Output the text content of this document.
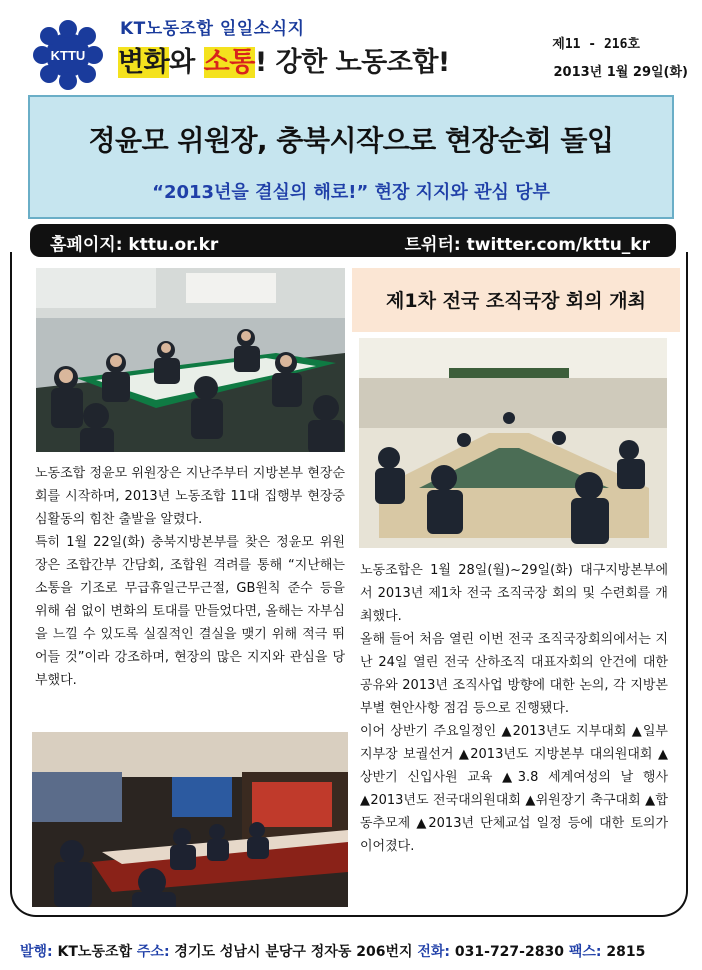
KTTU
KT노동조합 일일소식지
변화와 소통! 강한 노동조합!
제11 - 216호
2013년 1월 29일(화)
정윤모 위원장, 충북시작으로 현장순회 돌입
“2013년을 결실의 해로!” 현장 지지와 관심 당부
홈페이지: kttu.or.kr	트위터: twitter.com/kttu_kr

노동조합 정윤모 위원장은 지난주부터 지방본부 현장순회를 시작하며, 2013년 노동조합 11대 집행부 현장중심활동의 힘찬 출발을 알렸다.

특히 1월 22일(화) 충북지방본부를 찾은 정윤모 위원장은 조합간부 간담회, 조합원 격려를 통해 “지난해는 소통을 기조로 무급휴일근무근절, GB원칙 준수 등을 위해 쉼 없이 변화의 토대를 만들었다면, 올해는 자부심을 느낄 수 있도록 실질적인 결실을 맺기 위해 적극 뛰어들 것”이라 강조하며, 현장의 많은 지지와 관심을 당부했다.

제1차 전국 조직국장 회의 개최

노동조합은 1월 28일(월)~29일(화) 대구지방본부에서 2013년 제1차 전국 조직국장 회의 및 수련회를 개최했다.

올해 들어 처음 열린 이번 전국 조직국장회의에서는 지난 24일 열린 전국 산하조직 대표자회의 안건에 대한 공유와 2013년 조직사업 방향에 대한 논의, 각 지방본부별 현안사항 점검 등으로 진행됐다.

이어 상반기 주요일정인 ▲2013년도 지부대회 ▲일부 지부장 보궐선거 ▲2013년도 지방본부 대의원대회 ▲상반기 신입사원 교육 ▲3.8 세계여성의 날 행사 ▲2013년도 전국대의원대회 ▲위원장기 축구대회 ▲합동추모제 ▲2013년 단체교섭 일정 등에 대한 토의가 이어졌다.

발행: KT노동조합 주소: 경기도 성남시 분당구 정자동 206번지 전화: 031-727-2830 팩스: 2815
